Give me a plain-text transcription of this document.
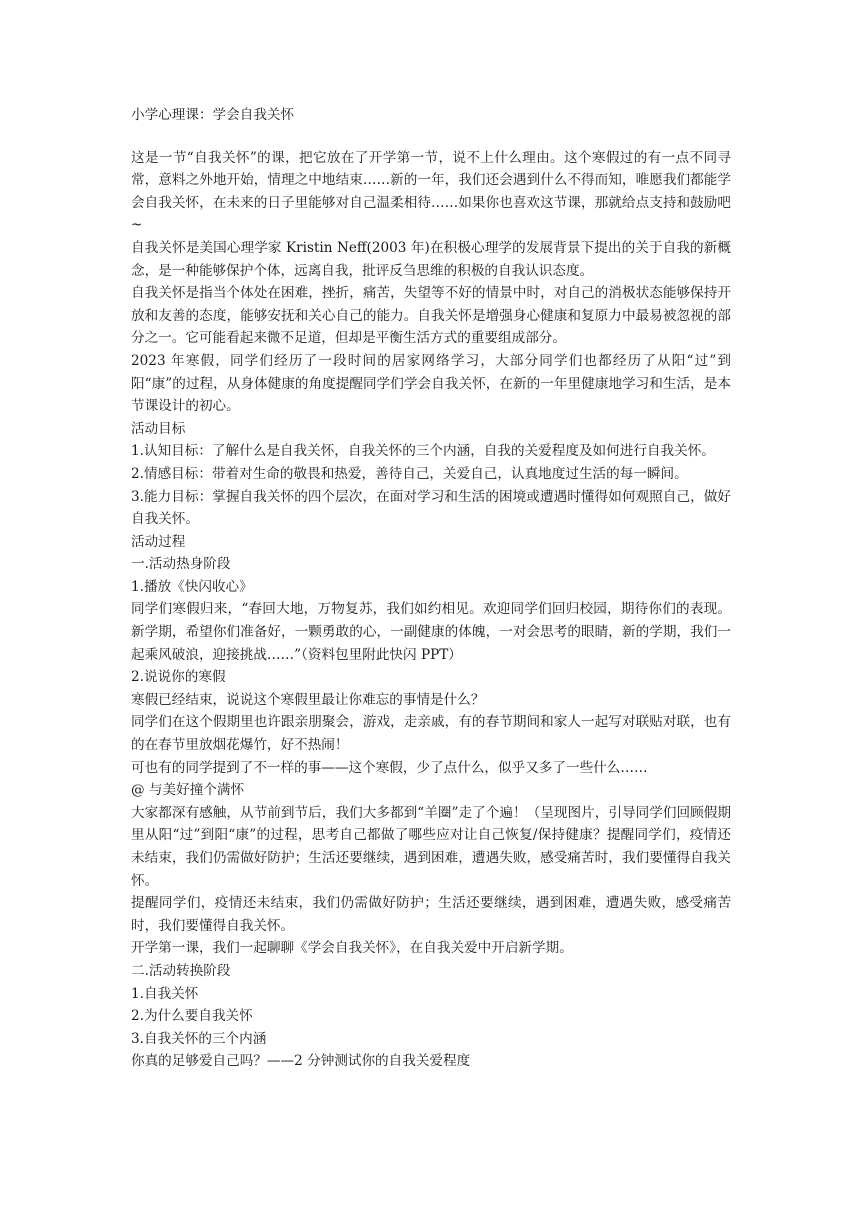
小学心理课：学会自我关怀

这是一节“自我关怀”的课，把它放在了开学第一节，说不上什么理由。这个寒假过的有一点不同寻常，意料之外地开始，情理之中地结束……新的一年，我们还会遇到什么不得而知，唯愿我们都能学会自我关怀，在未来的日子里能够对自己温柔相待……如果你也喜欢这节课，那就给点支持和鼓励吧~

自我关怀是美国心理学家 Kristin Neff(2003 年)在积极心理学的发展背景下提出的关于自我的新概念，是一种能够保护个体，远离自我，批评反刍思维的积极的自我认识态度。

自我关怀是指当个体处在困难，挫折，痛苦，失望等不好的情景中时，对自己的消极状态能够保持开放和友善的态度，能够安抚和关心自己的能力。自我关怀是增强身心健康和复原力中最易被忽视的部分之一。它可能看起来微不足道，但却是平衡生活方式的重要组成部分。

2023 年寒假，同学们经历了一段时间的居家网络学习，大部分同学们也都经历了从阳“过”到阳“康”的过程，从身体健康的角度提醒同学们学会自我关怀，在新的一年里健康地学习和生活，是本节课设计的初心。

活动目标

1.认知目标：了解什么是自我关怀，自我关怀的三个内涵，自我的关爱程度及如何进行自我关怀。

2.情感目标：带着对生命的敬畏和热爱，善待自己，关爱自己，认真地度过生活的每一瞬间。

3.能力目标：掌握自我关怀的四个层次，在面对学习和生活的困境或遭遇时懂得如何观照自己，做好自我关怀。

活动过程

一.活动热身阶段

1.播放《快闪收心》

同学们寒假归来，“春回大地，万物复苏，我们如约相见。欢迎同学们回归校园，期待你们的表现。新学期，希望你们准备好，一颗勇敢的心，一副健康的体魄，一对会思考的眼睛，新的学期，我们一起乘风破浪，迎接挑战……”（资料包里附此快闪 PPT）

2.说说你的寒假

寒假已经结束，说说这个寒假里最让你难忘的事情是什么？

同学们在这个假期里也许跟亲朋聚会，游戏，走亲戚，有的春节期间和家人一起写对联贴对联，也有的在春节里放烟花爆竹，好不热闹！

可也有的同学提到了不一样的事——这个寒假，少了点什么，似乎又多了一些什么……

@ 与美好撞个满怀

大家都深有感触，从节前到节后，我们大多都到“羊圈”走了个遍！（呈现图片，引导同学们回顾假期里从阳“过”到阳“康”的过程，思考自己都做了哪些应对让自己恢复/保持健康？提醒同学们，疫情还未结束，我们仍需做好防护；生活还要继续，遇到困难，遭遇失败，感受痛苦时，我们要懂得自我关怀。

提醒同学们，疫情还未结束，我们仍需做好防护；生活还要继续，遇到困难，遭遇失败，感受痛苦时，我们要懂得自我关怀。

开学第一课，我们一起聊聊《学会自我关怀》，在自我关爱中开启新学期。

二.活动转换阶段

1.自我关怀

2.为什么要自我关怀

3.自我关怀的三个内涵

你真的足够爱自己吗？——2 分钟测试你的自我关爱程度
